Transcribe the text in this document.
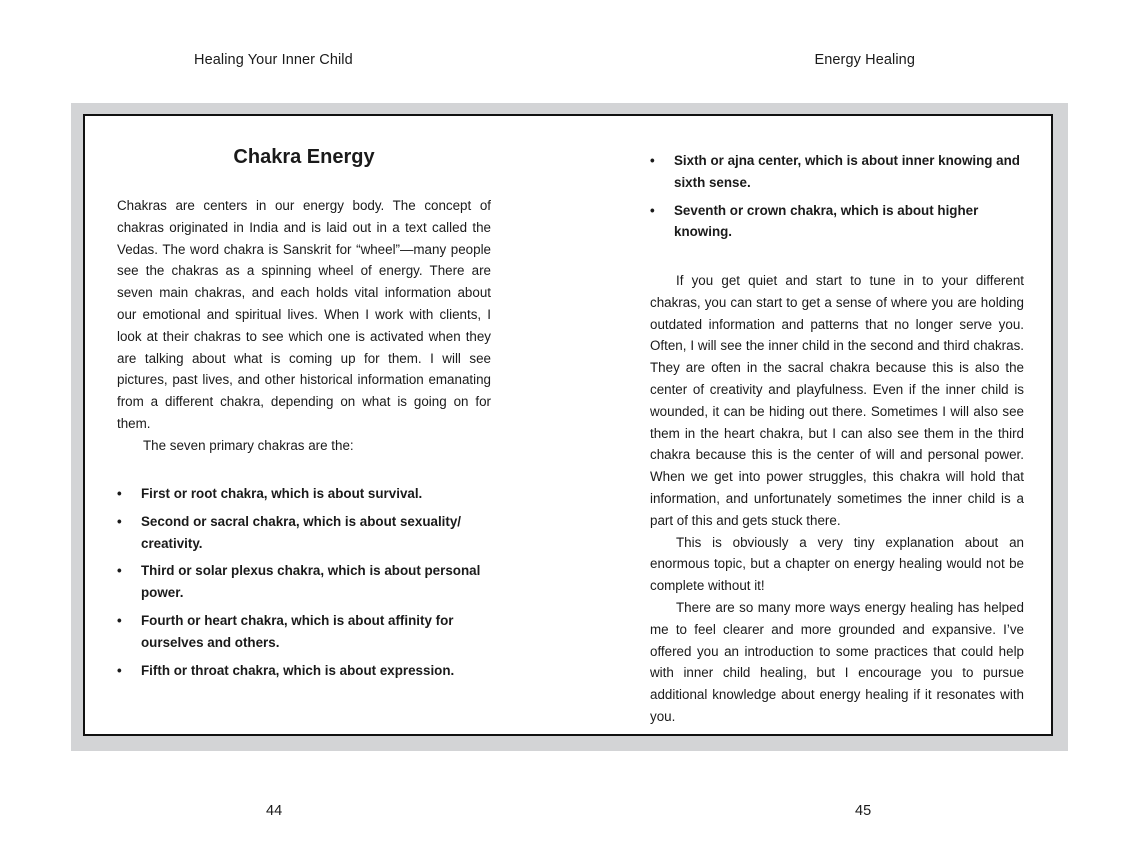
Healing Your Inner Child	Energy Healing
Chakra Energy

Chakras are centers in our energy body. The concept of chakras originated in India and is laid out in a text called the Vedas. The word chakra is Sanskrit for “wheel”—many people see the chakras as a spinning wheel of energy. There are seven main chakras, and each holds vital information about our emotional and spiritual lives. When I work with clients, I look at their chakras to see which one is activated when they are talking about what is coming up for them. I will see pictures, past lives, and other historical information emanating from a different chakra, depending on what is going on for them.

The seven primary chakras are the:

• First or root chakra, which is about survival.
• Second or sacral chakra, which is about sexuality/ creativity.
• Third or solar plexus chakra, which is about personal power.
• Fourth or heart chakra, which is about affinity for ourselves and others.
• Fifth or throat chakra, which is about expression.
• Sixth or ajna center, which is about inner knowing and sixth sense.
• Seventh or crown chakra, which is about higher knowing.

If you get quiet and start to tune in to your different chakras, you can start to get a sense of where you are holding outdated information and patterns that no longer serve you. Often, I will see the inner child in the second and third chakras. They are often in the sacral chakra because this is also the center of creativity and playfulness. Even if the inner child is wounded, it can be hiding out there. Sometimes I will also see them in the heart chakra, but I can also see them in the third chakra because this is the center of will and personal power. When we get into power struggles, this chakra will hold that information, and unfortunately sometimes the inner child is a part of this and gets stuck there.

This is obviously a very tiny explanation about an enormous topic, but a chapter on energy healing would not be complete without it!

There are so many more ways energy healing has helped me to feel clearer and more grounded and expansive. I’ve offered you an introduction to some practices that could help with inner child healing, but I encourage you to pursue additional knowledge about energy healing if it resonates with you.

44	45
